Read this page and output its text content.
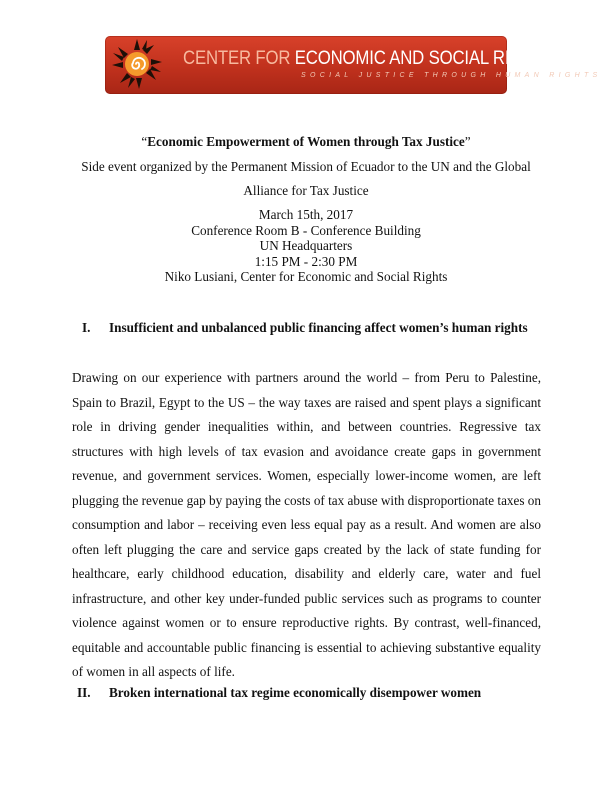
CENTER FOR ECONOMIC AND SOCIAL RIGHTS
SOCIAL JUSTICE THROUGH HUMAN RIGHTS
“Economic Empowerment of Women through Tax Justice”
Side event organized by the Permanent Mission of Ecuador to the UN and the Global
Alliance for Tax Justice
March 15th, 2017
Conference Room B - Conference Building
UN Headquarters
1:15 PM - 2:30 PM
Niko Lusiani, Center for Economic and Social Rights
I. Insufficient and unbalanced public financing affect women’s human rights
Drawing on our experience with partners around the world – from Peru to Palestine, Spain to Brazil, Egypt to the US – the way taxes are raised and spent plays a significant role in driving gender inequalities within, and between countries. Regressive tax structures with high levels of tax evasion and avoidance create gaps in government revenue, and government services. Women, especially lower-income women, are left plugging the revenue gap by paying the costs of tax abuse with disproportionate taxes on consumption and labor – receiving even less equal pay as a result. And women are also often left plugging the care and service gaps created by the lack of state funding for healthcare, early childhood education, disability and elderly care, water and fuel infrastructure, and other key under-funded public services such as programs to counter violence against women or to ensure reproductive rights. By contrast, well-financed, equitable and accountable public financing is essential to achieving substantive equality of women in all aspects of life.
II. Broken international tax regime economically disempower women
